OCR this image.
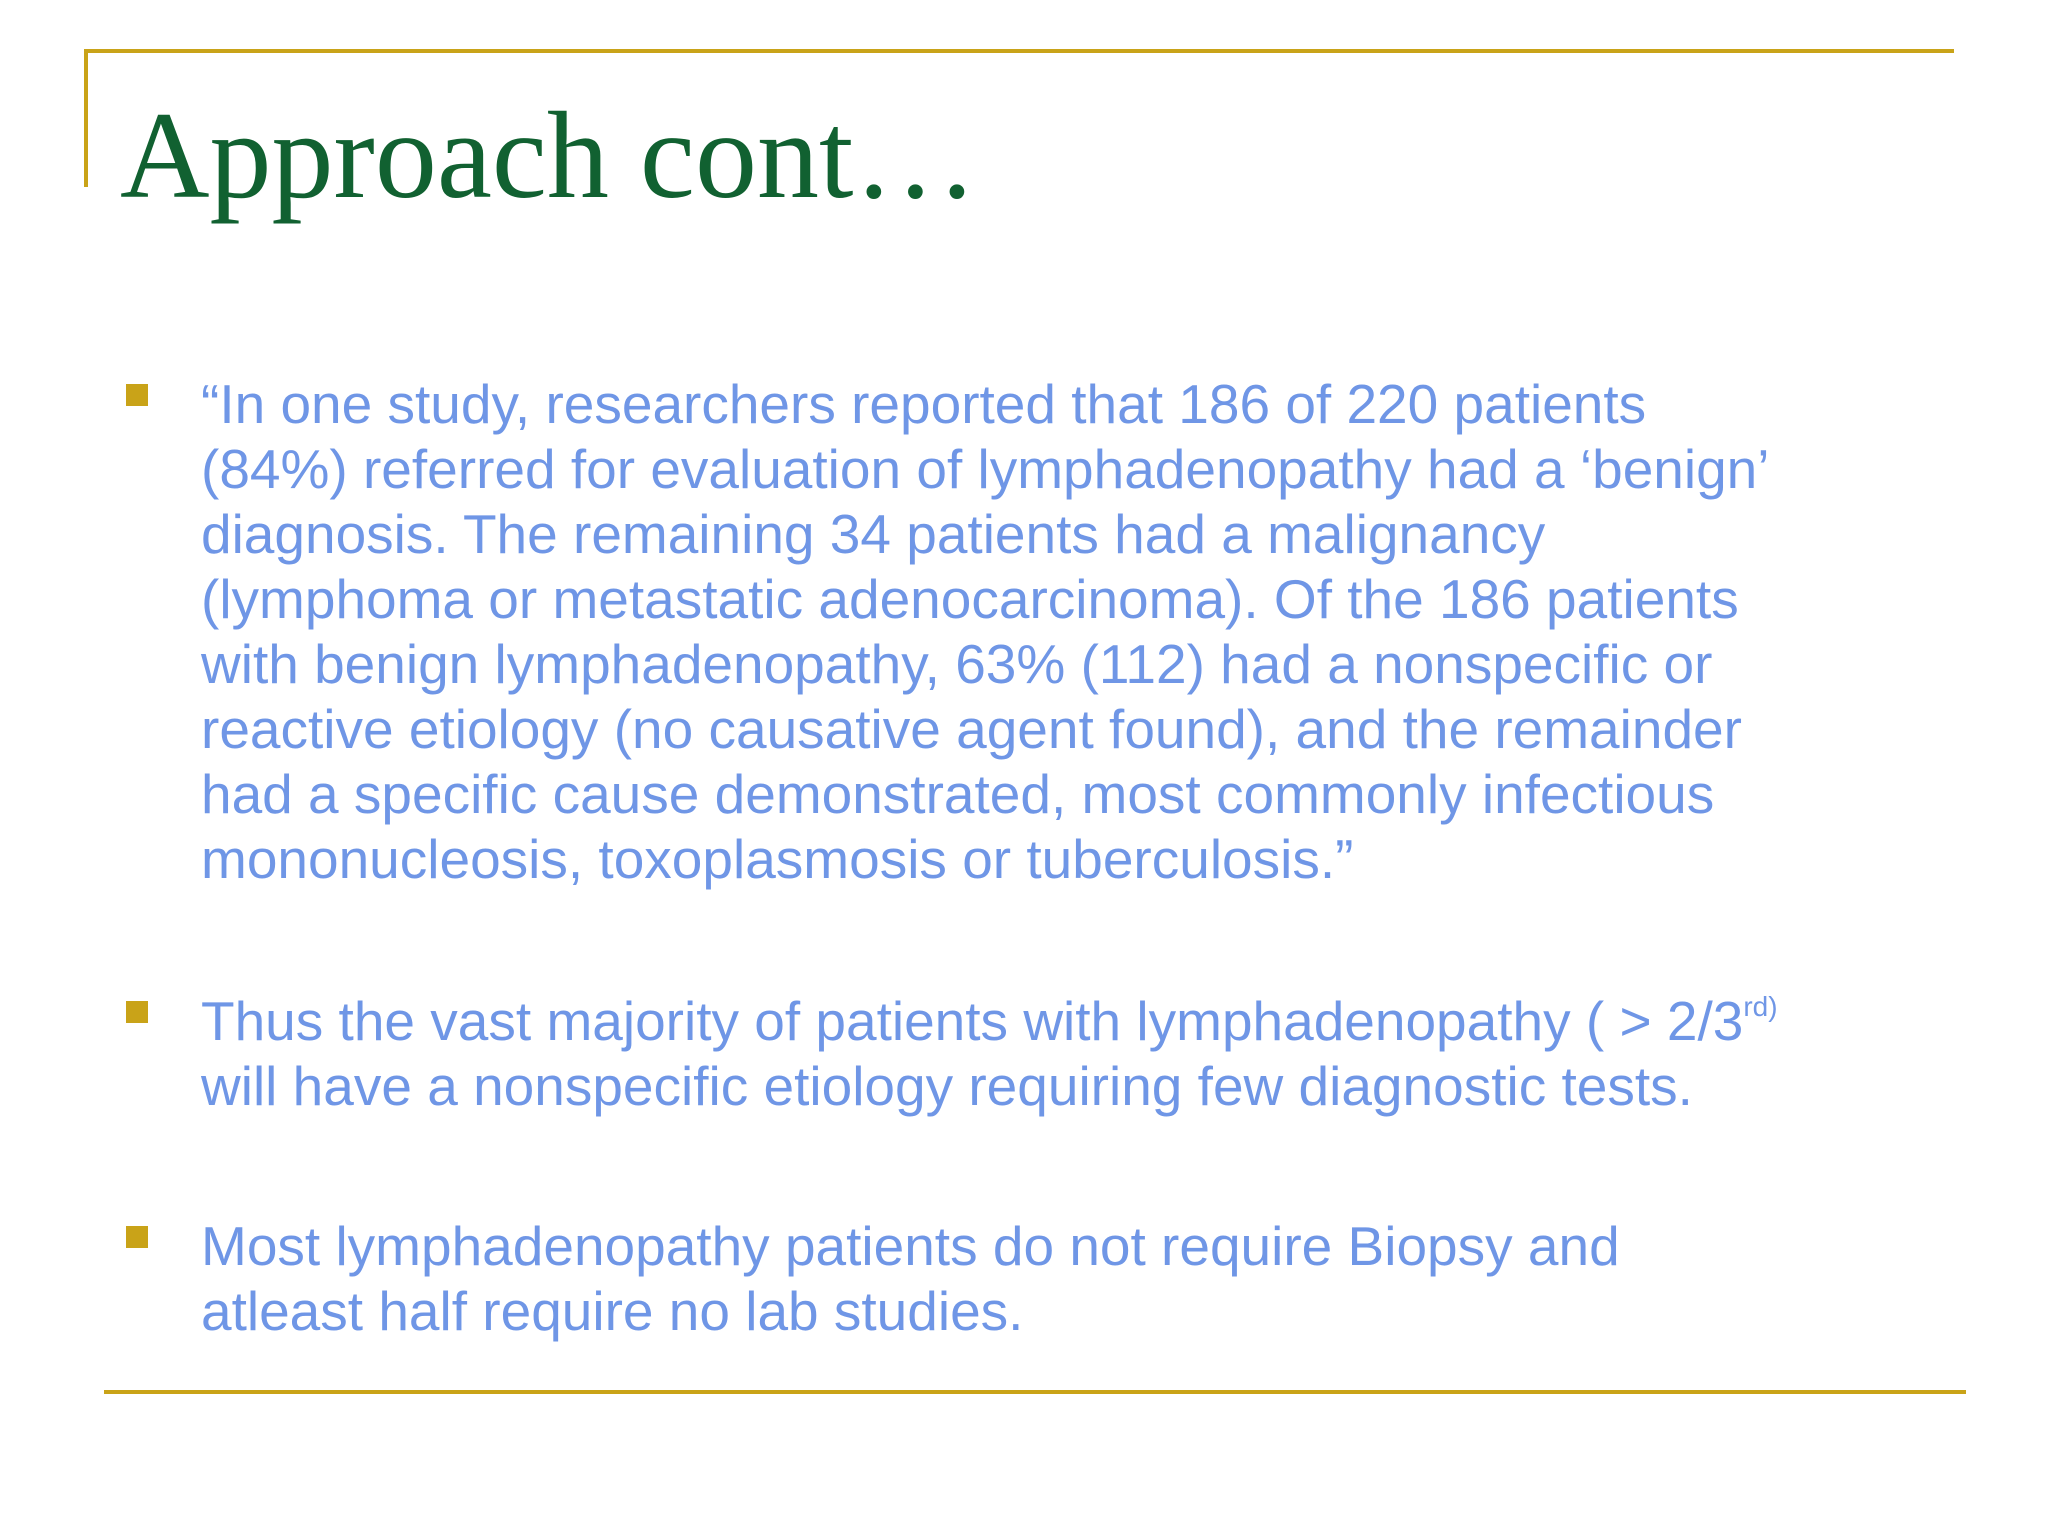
Approach cont…
“In one study, researchers reported that 186 of 220 patients
(84%) referred for evaluation of lymphadenopathy had a ‘benign’
diagnosis. The remaining 34 patients had a malignancy
(lymphoma or metastatic adenocarcinoma). Of the 186 patients
with benign lymphadenopathy, 63% (112) had a nonspecific or
reactive etiology (no causative agent found), and the remainder
had a specific cause demonstrated, most commonly infectious
mononucleosis, toxoplasmosis or tuberculosis.”
Thus the vast majority of patients with lymphadenopathy ( > $2/3^{rd)}$
will have a nonspecific etiology requiring few diagnostic tests.
Most lymphadenopathy patients do not require Biopsy and
atleast half require no lab studies.
